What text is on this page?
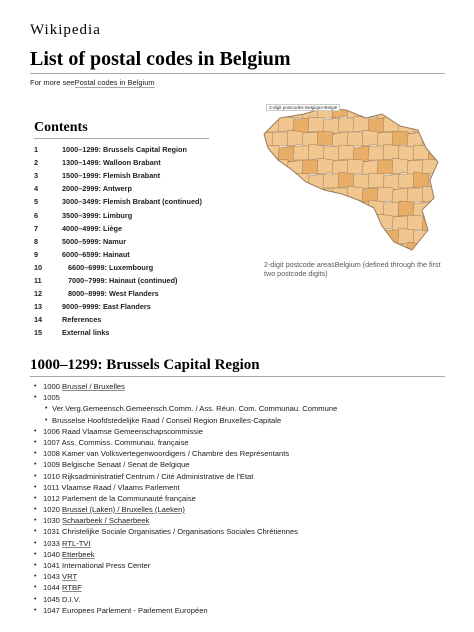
Wikipedia
List of postal codes in Belgium
For more seePostal codes in Belgium
Contents
1	1000–1299: Brussels Capital Region
2	1300–1499: Walloon Brabant
3	1500–1999: Flemish Brabant
4	2000–2999: Antwerp
5	3000–3499: Flemish Brabant (continued)
6	3500–3999: Limburg
7	4000–4999: Liège
8	5000–5999: Namur
9	6000–6599: Hainaut
10	6600–6999: Luxembourg
11	7000–7999: Hainaut (continued)
12	8000–8999: West Flanders
13	9000–9999: East Flanders
14	References
15	External links
2-digit postcodes Belgique-België
2-digit postcode areasBelgium (defined through the first two postcode digits)
1000–1299: Brussels Capital Region
• 1000 Brussel / Bruxelles
• 1005
• Ver.Verg.Gemeensch.Gemeensch.Comm. / Ass. Réun. Com. Communau. Commune
• Brusselse Hoofdstedelijke Raad / Conseil Region Bruxelles-Capitale
• 1006 Raad Vlaamse Gemeenschapscommissie
• 1007 Ass. Commiss. Communau. française
• 1008 Kamer van Volksvertegenwoordigers / Chambre des Représentants
• 1009 Belgische Senaat / Senat de Belgique
• 1010 Rijksadministratief Centrum / Cité Administrative de l'Etat
• 1011 Vlaamse Raad / Vlaams Parlement
• 1012 Parlement de la Communauté française
• 1020 Brussel (Laken) / Bruxelles (Laeken)
• 1030 Schaarbeek / Schaerbeek
• 1031 Christelijke Sociale Organisaties / Organisations Sociales Chrétiennes
• 1033 RTL-TVI
• 1040 Etterbeek
• 1041 International Press Center
• 1043 VRT
• 1044 RTBF
• 1045 D.I.V.
• 1047 Europees Parlement - Parlement Européen
